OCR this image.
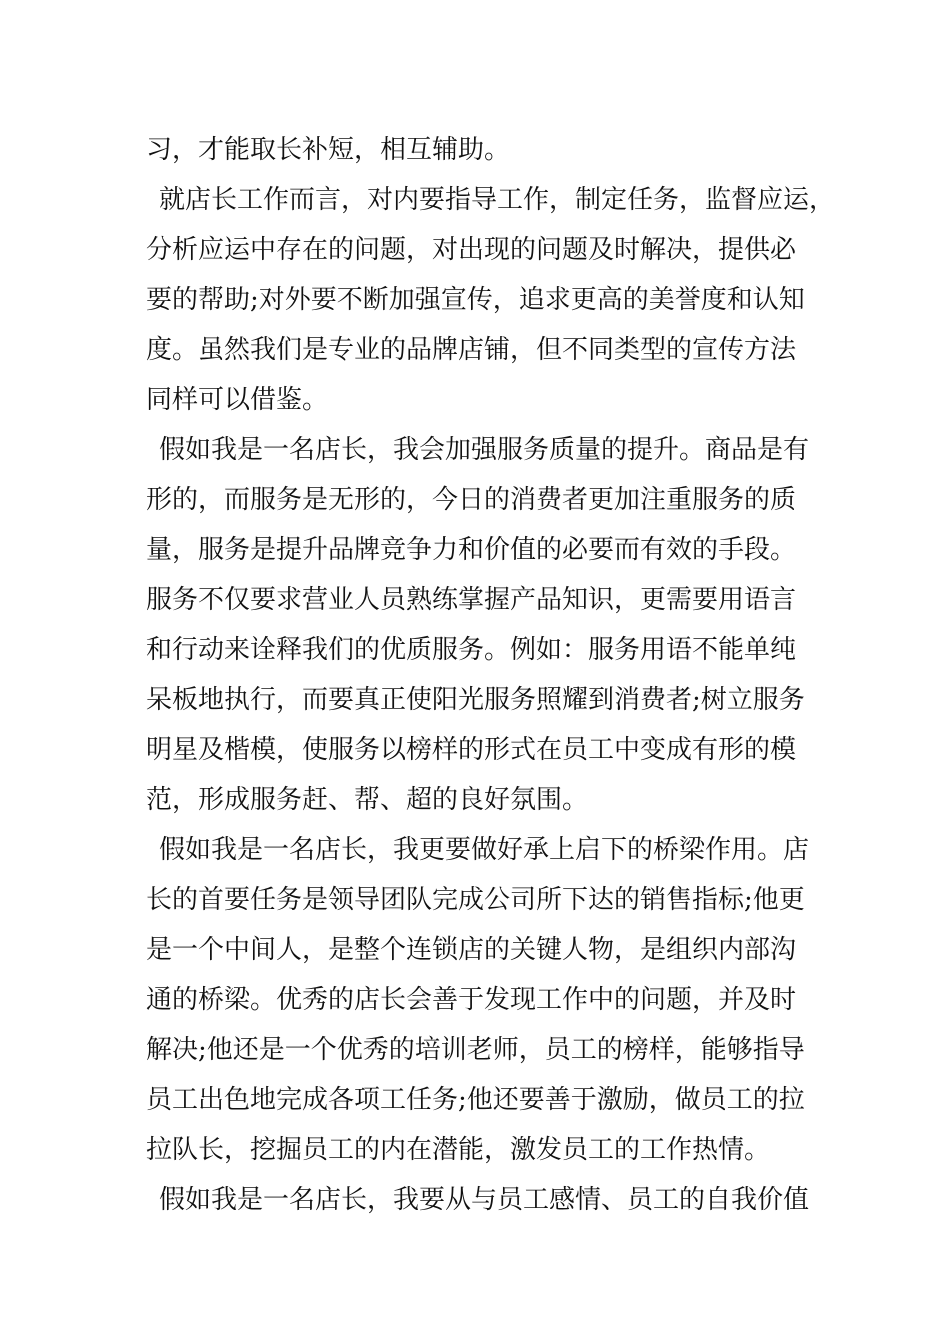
习，才能取长补短，相互辅助。
就店长工作而言，对内要指导工作，制定任务，监督应运，
分析应运中存在的问题，对出现的问题及时解决，提供必
要的帮助;对外要不断加强宣传，追求更高的美誉度和认知
度。虽然我们是专业的品牌店铺，但不同类型的宣传方法
同样可以借鉴。
假如我是一名店长，我会加强服务质量的提升。商品是有
形的，而服务是无形的，今日的消费者更加注重服务的质
量，服务是提升品牌竞争力和价值的必要而有效的手段。
服务不仅要求营业人员熟练掌握产品知识，更需要用语言
和行动来诠释我们的优质服务。例如：服务用语不能单纯
呆板地执行，而要真正使阳光服务照耀到消费者;树立服务
明星及楷模，使服务以榜样的形式在员工中变成有形的模
范，形成服务赶、帮、超的良好氛围。
假如我是一名店长，我更要做好承上启下的桥梁作用。店
长的首要任务是领导团队完成公司所下达的销售指标;他更
是一个中间人，是整个连锁店的关键人物，是组织内部沟
通的桥梁。优秀的店长会善于发现工作中的问题，并及时
解决;他还是一个优秀的培训老师，员工的榜样，能够指导
员工出色地完成各项工任务;他还要善于激励，做员工的拉
拉队长，挖掘员工的内在潜能，激发员工的工作热情。
假如我是一名店长，我要从与员工感情、员工的自我价值
